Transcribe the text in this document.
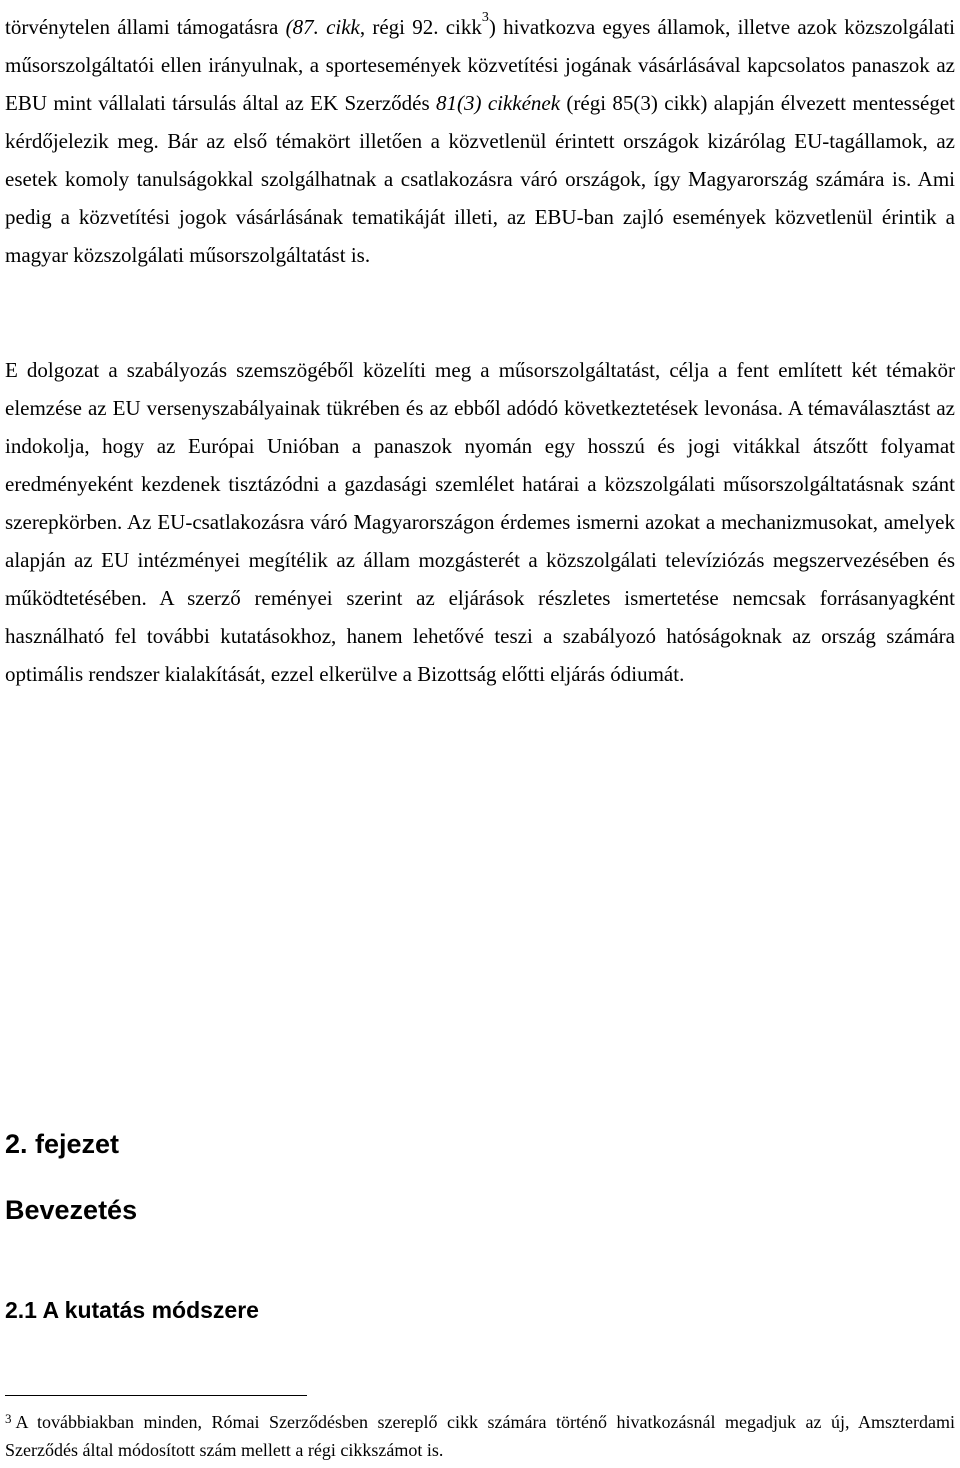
törvénytelen állami támogatásra (87. cikk, régi 92. cikk$^3$) hivatkozva egyes államok, illetve azok közszolgálati műsorszolgáltatói ellen irányulnak, a sportesemények közvetítési jogának vásárlásával kapcsolatos panaszok az EBU mint vállalati társulás által az EK Szerződés 81(3) cikkének (régi 85(3) cikk) alapján élvezett mentességet kérdőjelezik meg. Bár az első témakört illetően a közvetlenül érintett országok kizárólag EU-tagállamok, az esetek komoly tanulságokkal szolgálhatnak a csatlakozásra váró országok, így Magyarország számára is. Ami pedig a közvetítési jogok vásárlásának tematikáját illeti, az EBU-ban zajló események közvetlenül érintik a magyar közszolgálati műsorszolgáltatást is.

E dolgozat a szabályozás szemszögéből közelíti meg a műsorszolgáltatást, célja a fent említett két témakör elemzése az EU versenyszabályainak tükrében és az ebből adódó következtetések levonása. A témaválasztást az indokolja, hogy az Európai Unióban a panaszok nyomán egy hosszú és jogi vitákkal átszőtt folyamat eredményeként kezdenek tisztázódni a gazdasági szemlélet határai a közszolgálati műsorszolgáltatásnak szánt szerepkörben. Az EU-csatlakozásra váró Magyarországon érdemes ismerni azokat a mechanizmusokat, amelyek alapján az EU intézményei megítélik az állam mozgásterét a közszolgálati televíziózás megszervezésében és működtetésében. A szerző reményei szerint az eljárások részletes ismertetése nemcsak forrásanyagként használható fel további kutatásokhoz, hanem lehetővé teszi a szabályozó hatóságoknak az ország számára optimális rendszer kialakítását, ezzel elkerülve a Bizottság előtti eljárás ódiumát.

2. fejezet
Bevezetés
2.1 A kutatás módszere

$^3$ A továbbiakban minden, Római Szerződésben szereplő cikk számára történő hivatkozásnál megadjuk az új, Amszterdami Szerződés által módosított szám mellett a régi cikkszámot is.
